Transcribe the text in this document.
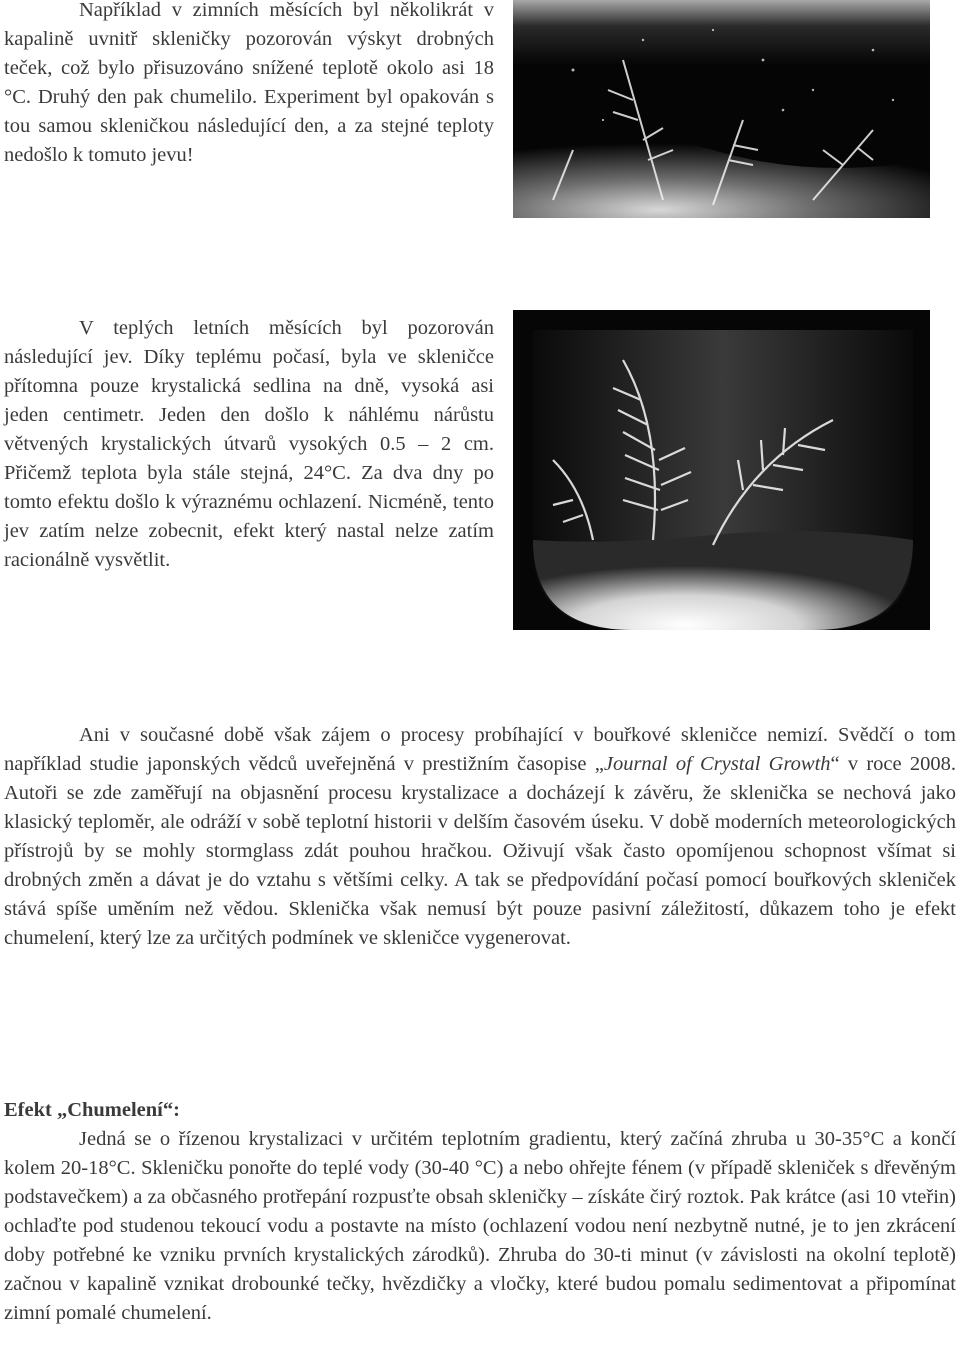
Například v zimních měsících byl několikrát v kapalině uvnitř skleničky pozorován výskyt drobných teček, což bylo přisuzováno snížené teplotě okolo asi 18 °C. Druhý den pak chumelilo. Experiment byl opakován s tou samou skleničkou následující den, a za stejné teploty nedošlo k tomuto jevu!

V teplých letních měsících byl pozorován následující jev. Díky teplému počasí, byla ve skleničce přítomna pouze krystalická sedlina na dně, vysoká asi jeden centimetr. Jeden den došlo k náhlému nárůstu větvených krystalických útvarů vysokých 0.5 – 2 cm. Přičemž teplota byla stále stejná, 24°C. Za dva dny po tomto efektu došlo k výraznému ochlazení. Nicméně, tento jev zatím nelze zobecnit, efekt který nastal nelze zatím racionálně vysvětlit.

Ani v současné době však zájem o procesy probíhající v bouřkové skleničce nemizí. Svědčí o tom například studie japonských vědců uveřejněná v prestižním časopise „Journal of Crystal Growth“ v roce 2008. Autoři se zde zaměřují na objasnění procesu krystalizace a docházejí k závěru, že sklenička se nechová jako klasický teploměr, ale odráží v sobě teplotní historii v delším časovém úseku. V době moderních meteorologických přístrojů by se mohly stormglass zdát pouhou hračkou. Oživují však často opomíjenou schopnost všímat si drobných změn a dávat je do vztahu s většími celky. A tak se předpovídání počasí pomocí bouřkových skleniček stává spíše uměním než vědou. Sklenička však nemusí být pouze pasivní záležitostí, důkazem toho je efekt chumelení, který lze za určitých podmínek ve skleničce vygenerovat.

Efekt „Chumelení“:

Jedná se o řízenou krystalizaci v určitém teplotním gradientu, který začíná zhruba u 30-35°C a končí kolem 20-18°C. Skleničku ponořte do teplé vody (30-40 °C) a nebo ohřejte fénem (v případě skleniček s dřevěným podstavečkem) a za občasného protřepání rozpusťte obsah skleničky – získáte čirý roztok. Pak krátce (asi 10 vteřin) ochlaďte pod studenou tekoucí vodu a postavte na místo (ochlazení vodou není nezbytně nutné, je to jen zkrácení doby potřebné ke vzniku prvních krystalických zárodků). Zhruba do 30-ti minut (v závislosti na okolní teplotě) začnou v kapalině vznikat drobounké tečky, hvězdičky a vločky, které budou pomalu sedimentovat a připomínat zimní pomalé chumelení.
